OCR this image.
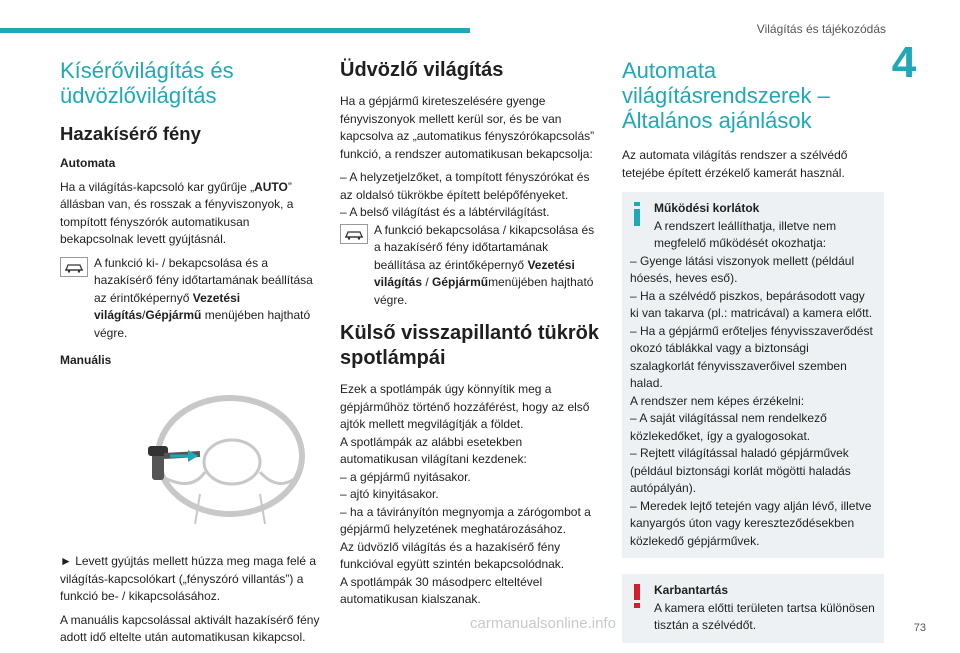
Világítás és tájékozódás
4
Kísérővilágítás és üdvözlővilágítás
Hazakísérő fény
Automata

Ha a világítás-kapcsoló kar gyűrűje „AUTO” állásban van, és rosszak a fényviszonyok, a tompított fényszórók automatikusan bekapcsolnak levett gyújtásnál.

A funkció ki- / bekapcsolása és a hazakísérő fény időtartamának beállítása az érintőképernyő Vezetési világítás/Gépjármű menüjében hajtható végre.
Manuális

► Levett gyújtás mellett húzza meg maga felé a világítás-kapcsolókart („fényszóró villantás”) a funkció be- / kikapcsolásához.

A manuális kapcsolással aktivált hazakísérő fény adott idő eltelte után automatikusan kikapcsol.

Üdvözlő világítás

Ha a gépjármű kireteszelésére gyenge fényviszonyok mellett kerül sor, és be van kapcsolva az „automatikus fényszórókapcsolás” funkció, a rendszer automatikusan bekapcsolja:

– A helyzetjelzőket, a tompított fényszórókat és az oldalsó tükrökbe épített belépőfényeket.

– A belső világítást és a lábtérvilágítást.

A funkció bekapcsolása / kikapcsolása és a hazakísérő fény időtartamának beállítása az érintőképernyő Vezetési világítás / Gépjárműmenüjében hajtható végre.
Külső visszapillantó tükrök spotlámpái

Ezek a spotlámpák úgy könnyítik meg a gépjárműhöz történő hozzáférést, hogy az első ajtók mellett megvilágítják a földet.

A spotlámpák az alábbi esetekben automatikusan világítani kezdenek:

– a gépjármű nyitásakor.

– ajtó kinyitásakor.

– ha a távirányítón megnyomja a zárógombot a gépjármű helyzetének meghatározásához.

Az üdvözlő világítás és a hazakísérő fény funkcióval együtt szintén bekapcsolódnak.

A spotlámpák 30 másodperc elteltével automatikusan kialszanak.

Automata világításrendszerek – Általános ajánlások

Az automata világítás rendszer a szélvédő tetejébe épített érzékelő kamerát használ.

Működési korlátok
A rendszert leállíthatja, illetve nem megfelelő működését okozhatja:
– Gyenge látási viszonyok mellett (például hóesés, heves eső).
– Ha a szélvédő piszkos, bepárásodott vagy ki van takarva (pl.: matricával) a kamera előtt.
– Ha a gépjármű erőteljes fényvisszaverődést okozó táblákkal vagy a biztonsági szalagkorlát fényvisszaverőivel szemben halad.
A rendszer nem képes érzékelni:
– A saját világítással nem rendelkező közlekedőket, így a gyalogosokat.
– Rejtett világítással haladó gépjárművek (például biztonsági korlát mögötti haladás autópályán).
– Meredek lejtő tetején vagy alján lévő, illetve kanyargós úton vagy kereszteződésekben közlekedő gépjárművek.
Karbantartás
A kamera előtti területen tartsa különösen tisztán a szélvédőt.
carmanualsonline.info	73
